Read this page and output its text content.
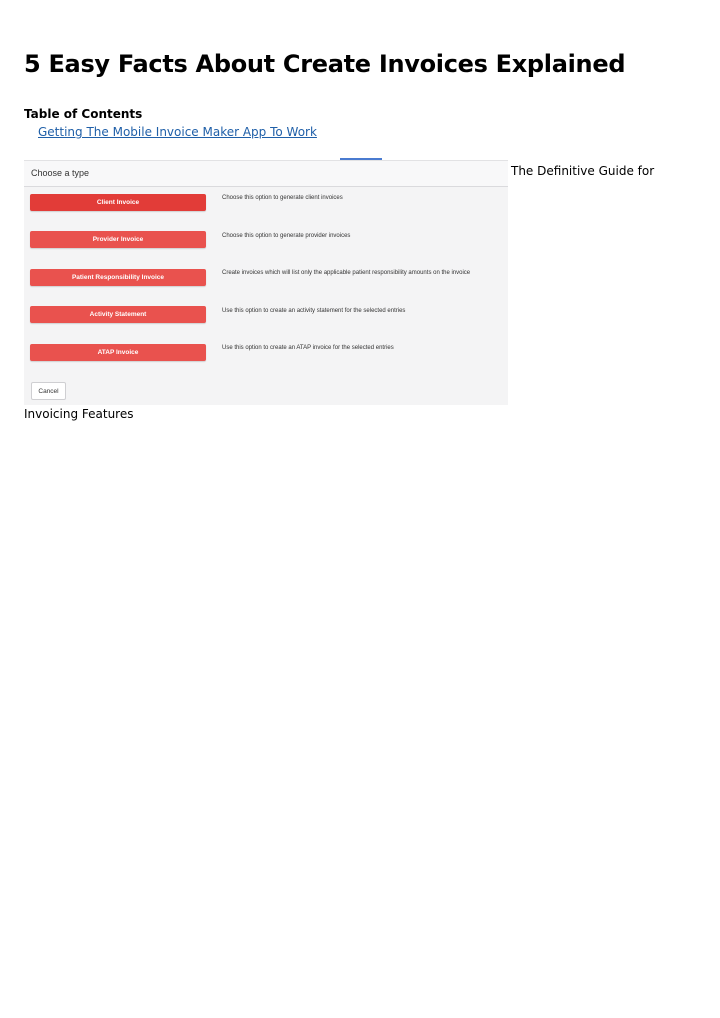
5 Easy Facts About Create Invoices Explained

Table of Contents

Getting The Mobile Invoice Maker App To Work
Choose a type
Client Invoice
Choose this option to generate client invoices
Provider Invoice	Choose this option to generate provider invoices
Patient Responsibility Invoice
Create invoices which will list only the applicable patient responsibility amounts on the invoice
Activity Statement	Use this option to create an activity statement for the selected entries
ATAP Invoice
Use this option to create an ATAP invoice for the selected entries
Cancel
The Definitive Guide for
Invoicing Features
